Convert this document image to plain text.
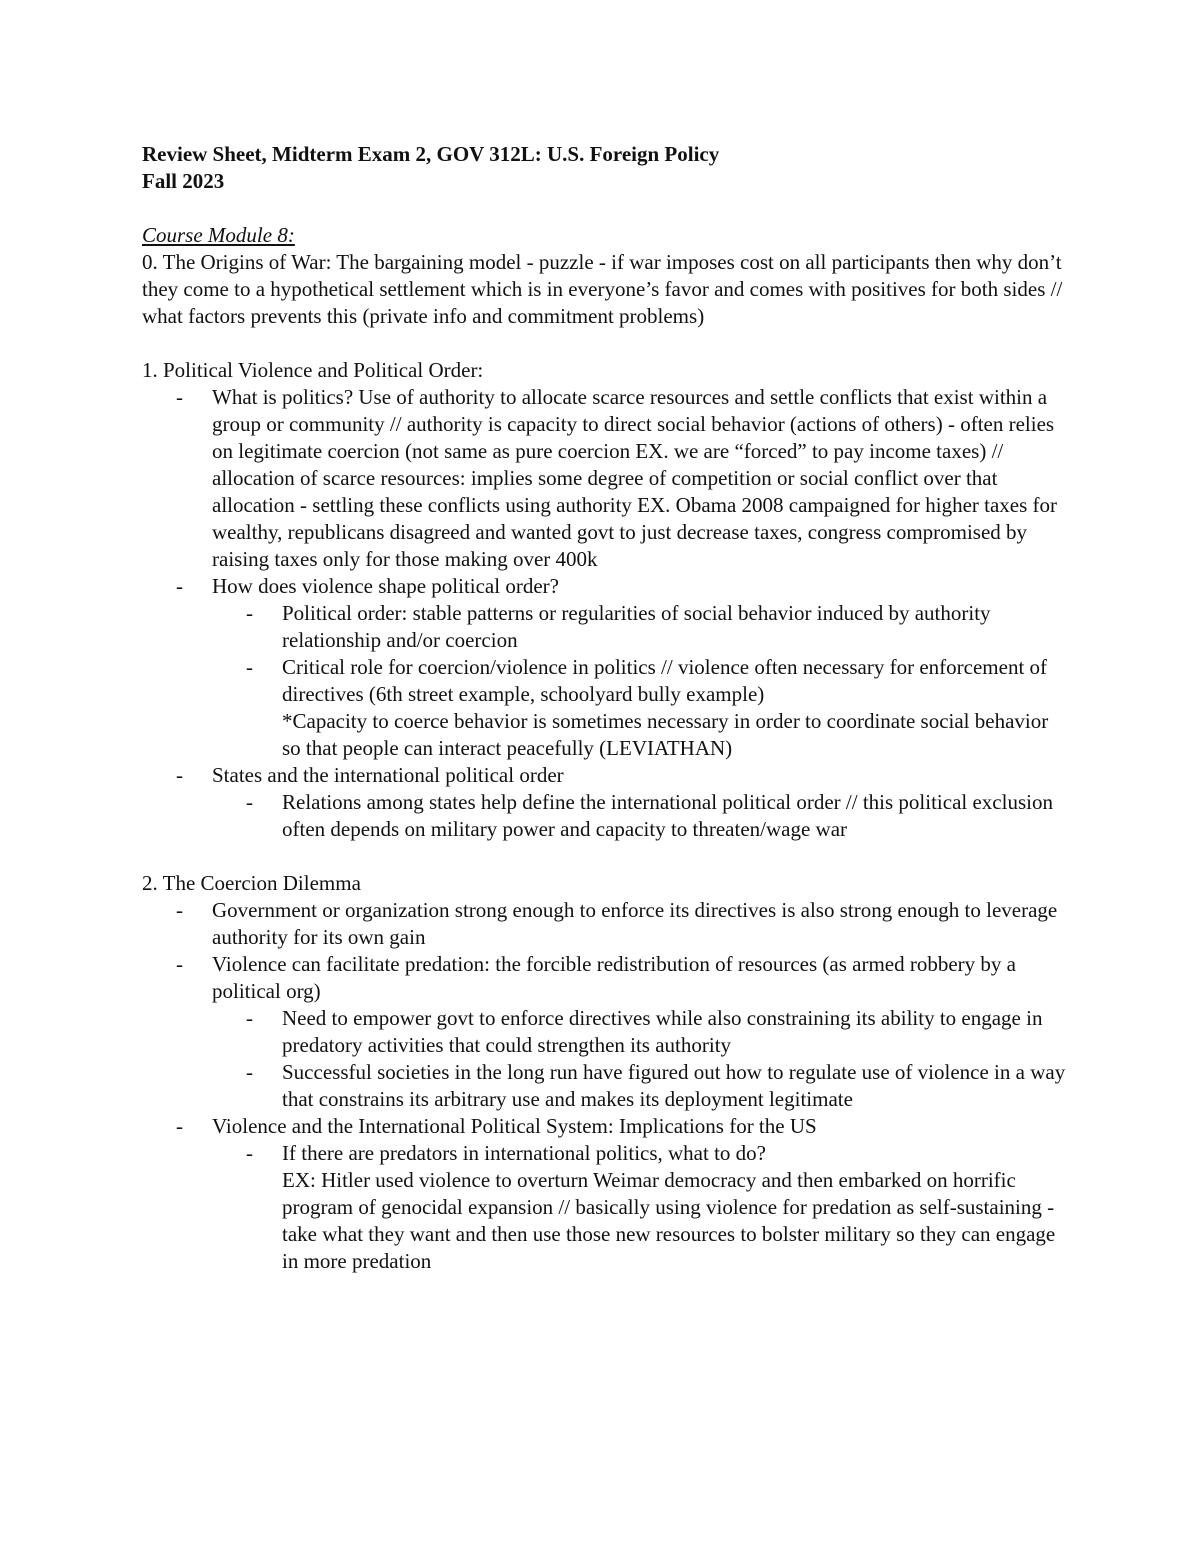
Review Sheet, Midterm Exam 2, GOV 312L: U.S. Foreign Policy

Fall 2023

Course Module 8:

0. The Origins of War: The bargaining model - puzzle - if war imposes cost on all participants then why don’t they come to a hypothetical settlement which is in everyone’s favor and comes with positives for both sides // what factors prevents this (private info and commitment problems)

1. Political Violence and Political Order:

- What is politics? Use of authority to allocate scarce resources and settle conflicts that exist within a group or community // authority is capacity to direct social behavior (actions of others) - often relies on legitimate coercion (not same as pure coercion EX. we are “forced” to pay income taxes) // allocation of scarce resources: implies some degree of competition or social conflict over that allocation - settling these conflicts using authority EX. Obama 2008 campaigned for higher taxes for wealthy, republicans disagreed and wanted govt to just decrease taxes, congress compromised by raising taxes only for those making over 400k
- How does violence shape political order?
- Political order: stable patterns or regularities of social behavior induced by authority relationship and/or coercion
- Critical role for coercion/violence in politics // violence often necessary for enforcement of directives (6th street example, schoolyard bully example)
*Capacity to coerce behavior is sometimes necessary in order to coordinate social behavior so that people can interact peacefully (LEVIATHAN)
- States and the international political order
- Relations among states help define the international political order // this political exclusion often depends on military power and capacity to threaten/wage war

2. The Coercion Dilemma

- Government or organization strong enough to enforce its directives is also strong enough to leverage authority for its own gain
- Violence can facilitate predation: the forcible redistribution of resources (as armed robbery by a political org)
- Need to empower govt to enforce directives while also constraining its ability to engage in predatory activities that could strengthen its authority
- Successful societies in the long run have figured out how to regulate use of violence in a way that constrains its arbitrary use and makes its deployment legitimate
- Violence and the International Political System: Implications for the US
- If there are predators in international politics, what to do?
EX: Hitler used violence to overturn Weimar democracy and then embarked on horrific program of genocidal expansion // basically using violence for predation as self-sustaining - take what they want and then use those new resources to bolster military so they can engage in more predation
